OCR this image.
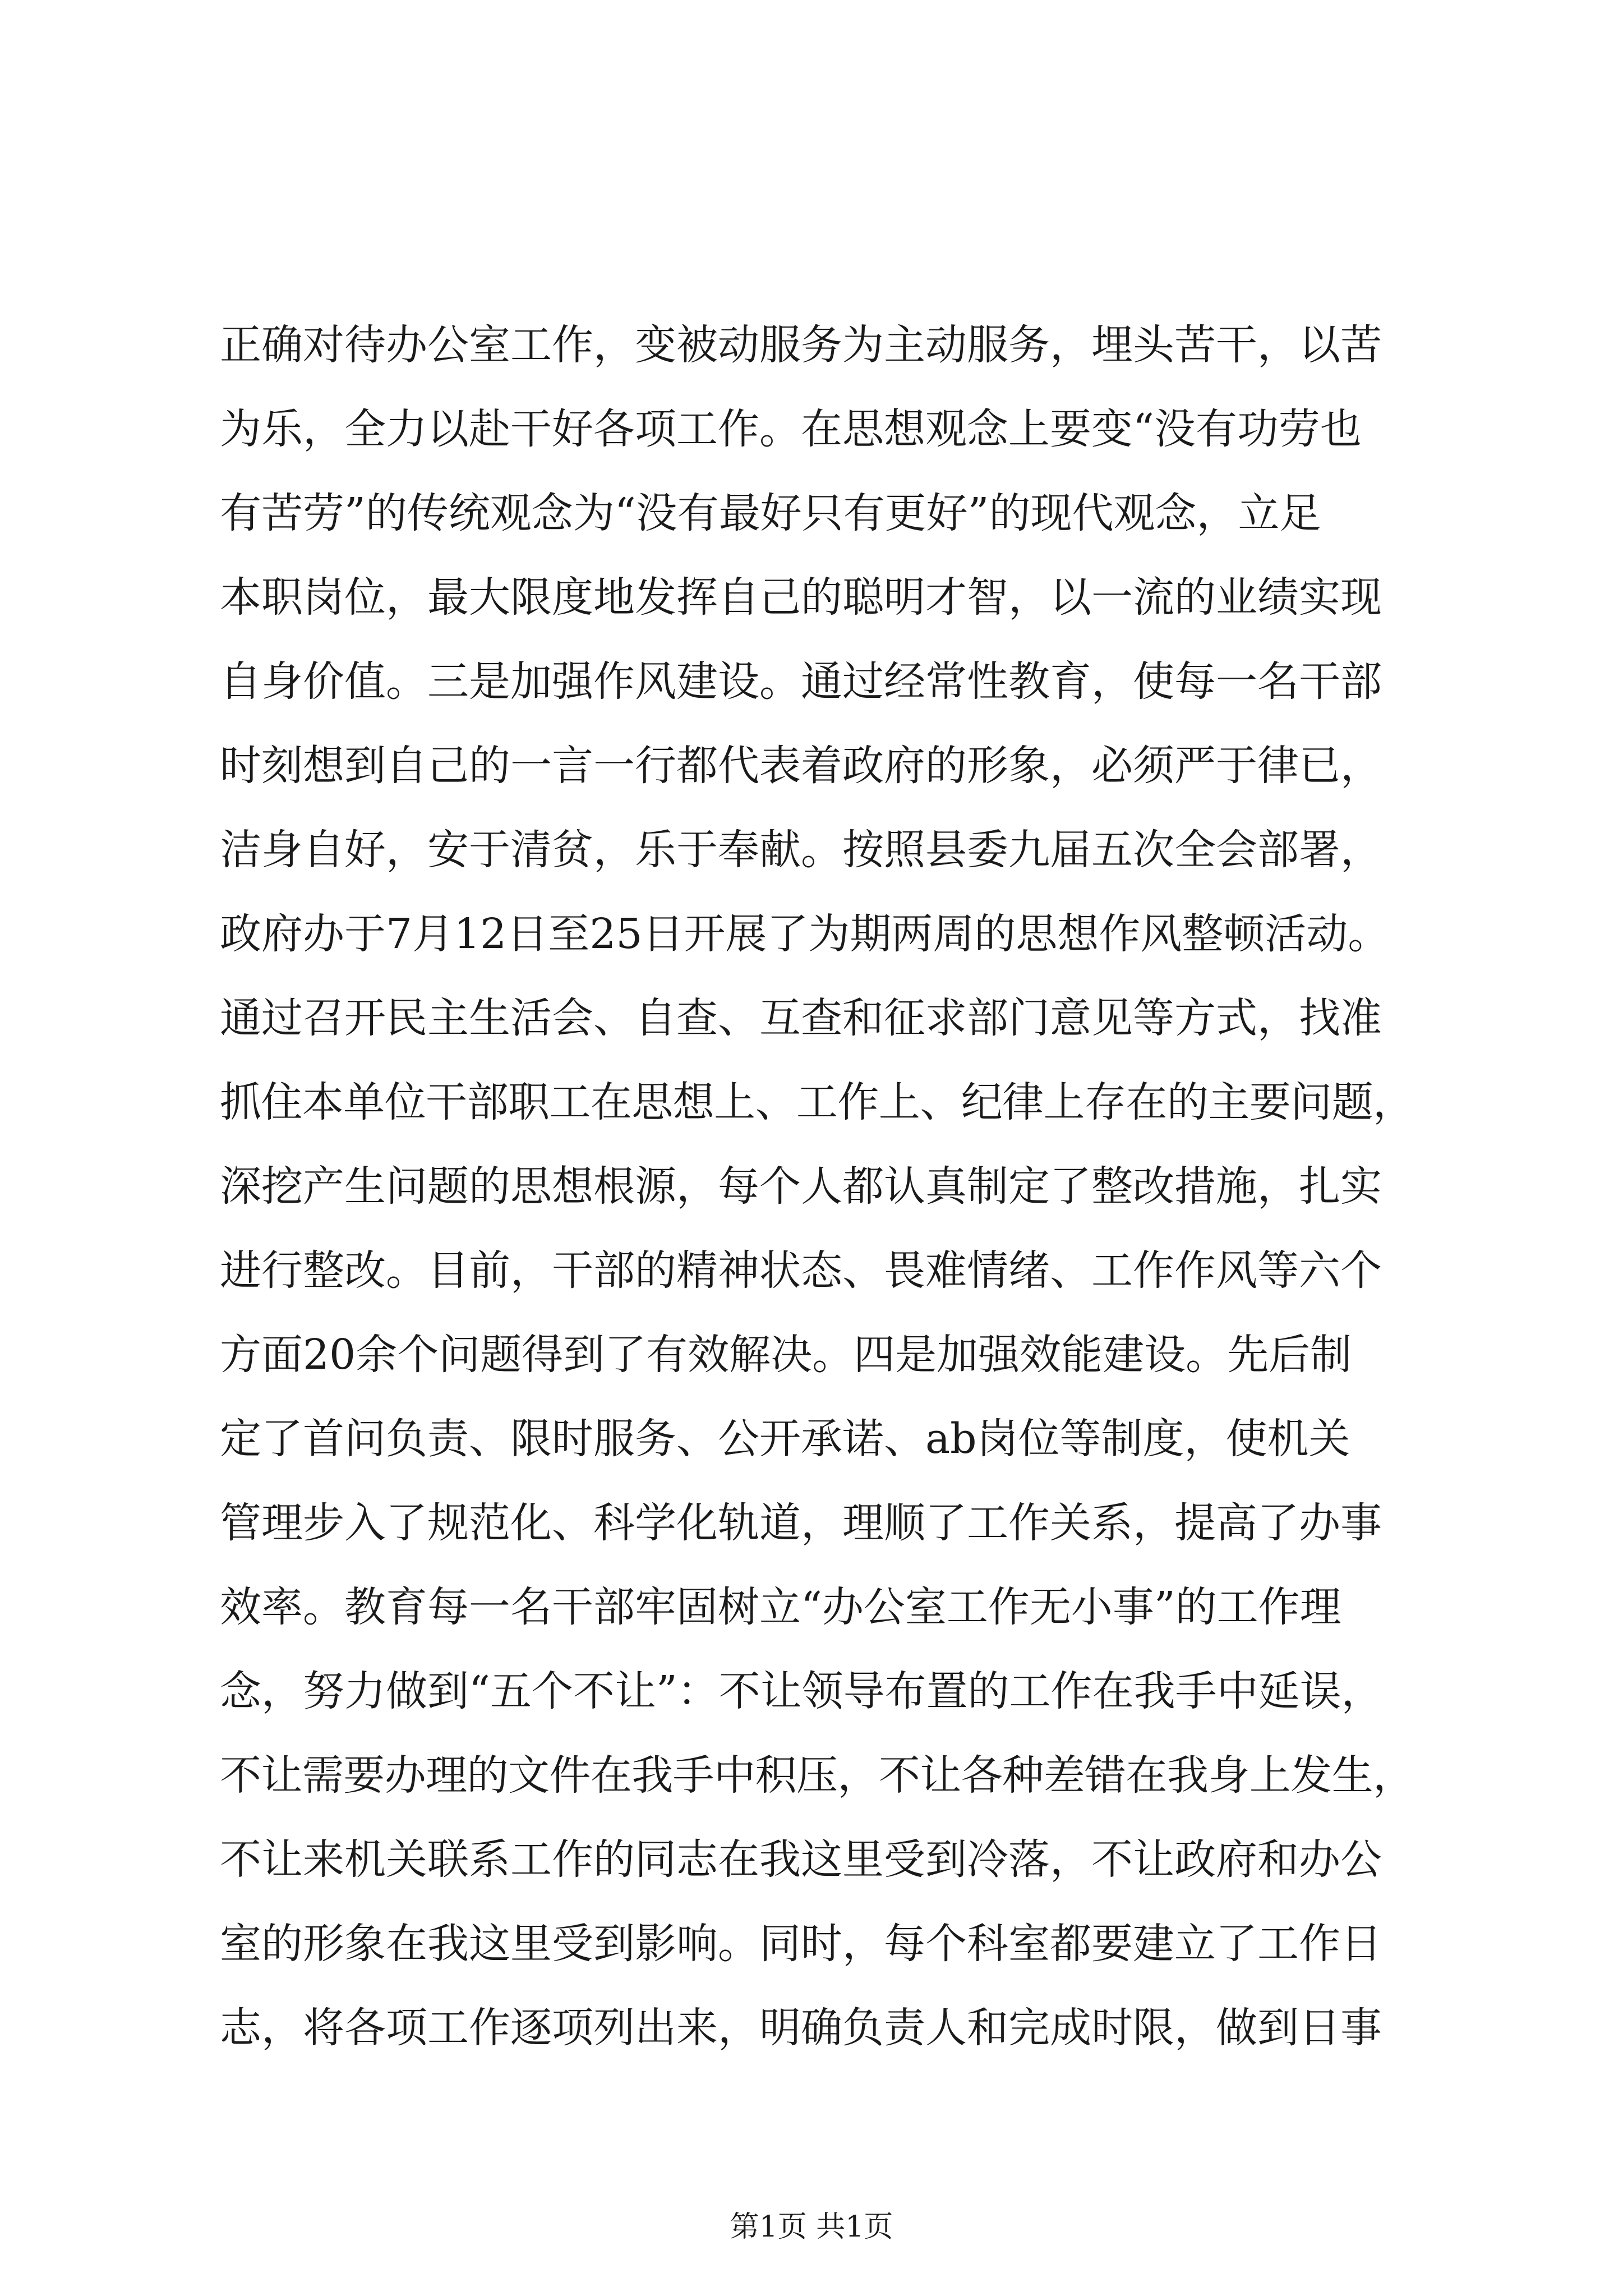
正确对待办公室工作，变被动服务为主动服务，埋头苦干，以苦
为乐，全力以赴干好各项工作。在思想观念上要变“没有功劳也
有苦劳”的传统观念为“没有最好只有更好”的现代观念，立足
本职岗位，最大限度地发挥自己的聪明才智，以一流的业绩实现
自身价值。三是加强作风建设。通过经常性教育，使每一名干部
时刻想到自己的一言一行都代表着政府的形象，必须严于律已，
洁身自好，安于清贫，乐于奉献。按照县委九届五次全会部署，
政府办于7月12日至25日开展了为期两周的思想作风整顿活动。
通过召开民主生活会、自查、互查和征求部门意见等方式，找准
抓住本单位干部职工在思想上、工作上、纪律上存在的主要问题，
深挖产生问题的思想根源，每个人都认真制定了整改措施，扎实
进行整改。目前，干部的精神状态、畏难情绪、工作作风等六个
方面20余个问题得到了有效解决。四是加强效能建设。先后制
定了首问负责、限时服务、公开承诺、ab岗位等制度，使机关
管理步入了规范化、科学化轨道，理顺了工作关系，提高了办事
效率。教育每一名干部牢固树立“办公室工作无小事”的工作理
念，努力做到“五个不让”：不让领导布置的工作在我手中延误，
不让需要办理的文件在我手中积压，不让各种差错在我身上发生，
不让来机关联系工作的同志在我这里受到冷落，不让政府和办公
室的形象在我这里受到影响。同时，每个科室都要建立了工作日
志，将各项工作逐项列出来，明确负责人和完成时限，做到日事
第1页 共1页
